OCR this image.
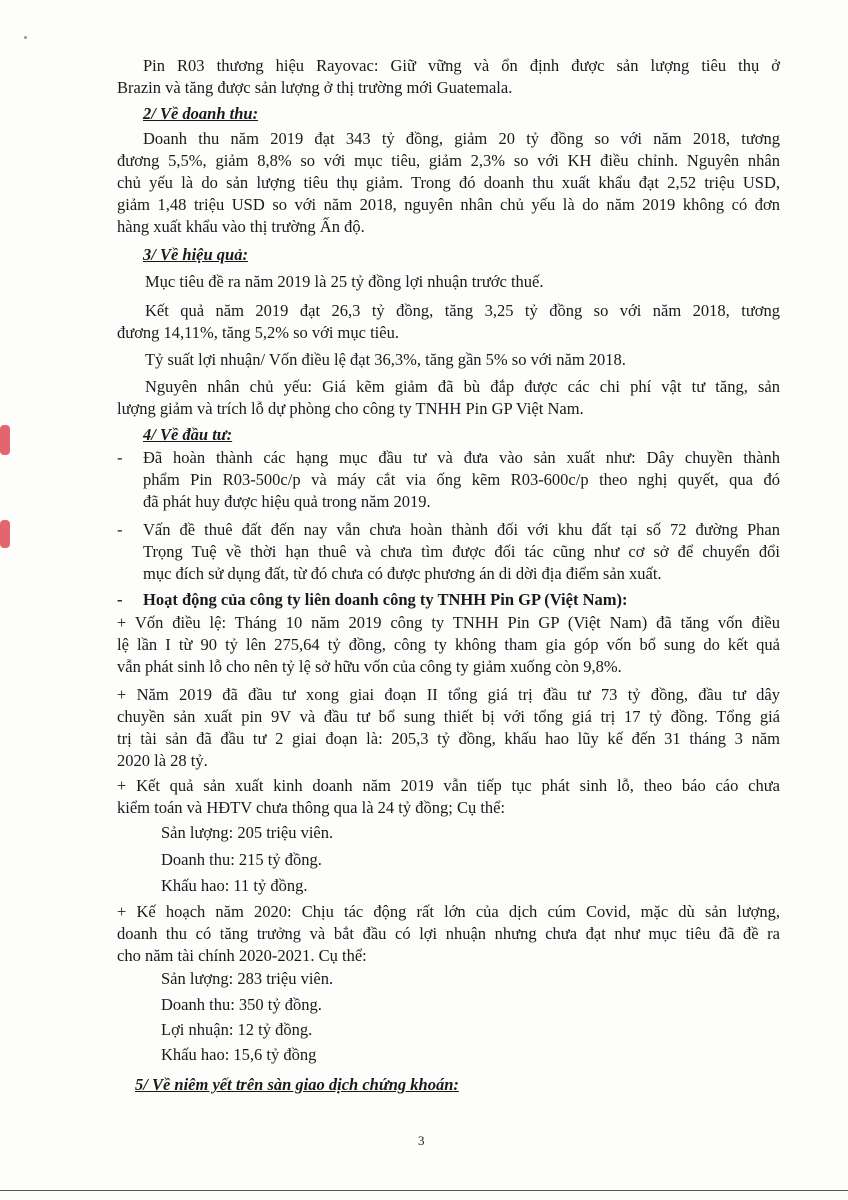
Pin R03 thương hiệu Rayovac: Giữ vững và ổn định được sản lượng tiêu thụ ở
Brazin và tăng được sản lượng ở thị trường mới Guatemala.
2/ Về doanh thu:
Doanh thu năm 2019 đạt 343 tỷ đồng, giảm 20 tỷ đồng so với năm 2018, tương
đương 5,5%, giảm 8,8% so với mục tiêu, giảm 2,3% so với KH điều chỉnh. Nguyên nhân
chủ yếu là do sản lượng tiêu thụ giảm. Trong đó doanh thu xuất khẩu đạt 2,52 triệu USD,
giảm 1,48 triệu USD so với năm 2018, nguyên nhân chủ yếu là do năm 2019 không có đơn
hàng xuất khẩu vào thị trường Ấn độ.
3/ Về hiệu quả:
Mục tiêu đề ra năm 2019 là 25 tỷ đồng lợi nhuận trước thuế.
Kết quả năm 2019 đạt 26,3 tỷ đồng, tăng 3,25 tỷ đồng so với năm 2018, tương
đương 14,11%, tăng 5,2% so với mục tiêu.
Tỷ suất lợi nhuận/ Vốn điều lệ đạt 36,3%, tăng gần 5% so với năm 2018.
Nguyên nhân chủ yếu: Giá kẽm giảm đã bù đắp được các chi phí vật tư tăng, sản
lượng giảm và trích lỗ dự phòng cho công ty TNHH Pin GP Việt Nam.
4/ Về đầu tư:
- Đã hoàn thành các hạng mục đầu tư và đưa vào sản xuất như: Dây chuyền thành
phẩm Pin R03-500c/p và máy cắt via ống kẽm R03-600c/p theo nghị quyết, qua đó
đã phát huy được hiệu quả trong năm 2019.
- Vấn đề thuê đất đến nay vẫn chưa hoàn thành đối với khu đất tại số 72 đường Phan
Trọng Tuệ về thời hạn thuê và chưa tìm được đối tác cũng như cơ sở để chuyển đổi
mục đích sử dụng đất, từ đó chưa có được phương án di dời địa điểm sản xuất.
- Hoạt động của công ty liên doanh công ty TNHH Pin GP (Việt Nam):
+ Vốn điều lệ: Tháng 10 năm 2019 công ty TNHH Pin GP (Việt Nam) đã tăng vốn điều
lệ lần I từ 90 tỷ lên 275,64 tỷ đồng, công ty không tham gia góp vốn bổ sung do kết quả
vẫn phát sinh lỗ cho nên tỷ lệ sở hữu vốn của công ty giảm xuống còn 9,8%.
+ Năm 2019 đã đầu tư xong giai đoạn II tổng giá trị đầu tư 73 tỷ đồng, đầu tư dây
chuyền sản xuất pin 9V và đầu tư bổ sung thiết bị với tổng giá trị 17 tỷ đồng. Tổng giá
trị tài sản đã đầu tư 2 giai đoạn là: 205,3 tỷ đồng, khấu hao lũy kế đến 31 tháng 3 năm
2020 là 28 tỷ.
+ Kết quả sản xuất kinh doanh năm 2019 vẫn tiếp tục phát sinh lỗ, theo báo cáo chưa
kiểm toán và HĐTV chưa thông qua là 24 tỷ đồng; Cụ thể:
Sản lượng: 205 triệu viên.
Doanh thu: 215 tỷ đồng.
Khấu hao: 11 tỷ đồng.
+ Kế hoạch năm 2020: Chịu tác động rất lớn của dịch cúm Covid, mặc dù sản lượng,
doanh thu có tăng trưởng và bắt đầu có lợi nhuận nhưng chưa đạt như mục tiêu đã đề ra
cho năm tài chính 2020-2021. Cụ thể:
Sản lượng: 283 triệu viên.
Doanh thu: 350 tỷ đồng.
Lợi nhuận: 12 tỷ đồng.
Khấu hao: 15,6 tỷ đồng
5/ Về niêm yết trên sàn giao dịch chứng khoán:
3
